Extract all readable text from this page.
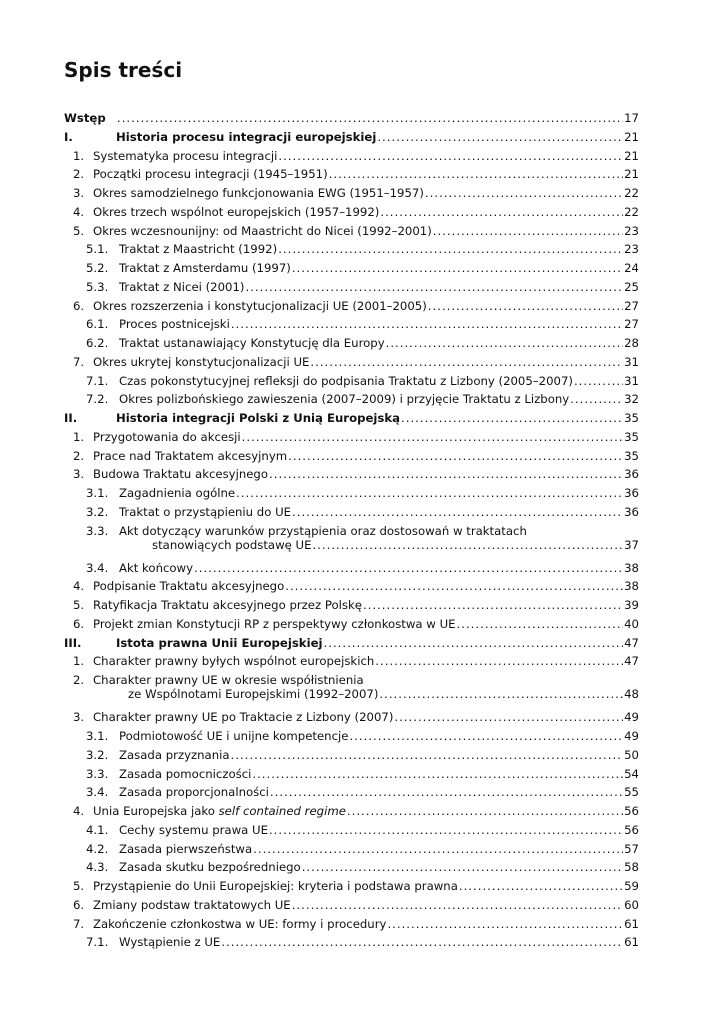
Spis treści
Wstęp .....	17
I.	Historia procesu integracji europejskiej .....	21
1. Systematyka procesu integracji .....	21
2. Początki procesu integracji (1945–1951) .....	21
3. Okres samodzielnego funkcjonowania EWG (1951–1957) .....	22
4. Okres trzech wspólnot europejskich (1957–1992) .....	22
5. Okres wczesnounijny: od Maastricht do Nicei (1992–2001) .....	23
5.1. Traktat z Maastricht (1992) .....	23
5.2. Traktat z Amsterdamu (1997) .....	24
5.3. Traktat z Nicei (2001) .....	25
6. Okres rozszerzenia i konstytucjonalizacji UE (2001–2005) .....	27
6.1. Proces postnicejski .....	27
6.2. Traktat ustanawiający Konstytucję dla Europy .....	28
7. Okres ukrytej konstytucjonalizacji UE .....	31
7.1. Czas pokonstytucyjnej refleksji do podpisania Traktatu z Lizbony (2005–2007) .....	31
7.2. Okres polizbońskiego zawieszenia (2007–2009) i przyjęcie Traktatu z Lizbony .....	32
II.	Historia integracji Polski z Unią Europejską .....	35
1. Przygotowania do akcesji .....	35
2. Prace nad Traktatem akcesyjnym .....	35
3. Budowa Traktatu akcesyjnego .....	36
3.1. Zagadnienia ogólne .....	36
3.2. Traktat o przystąpieniu do UE .....	36
3.3. Akt dotyczący warunków przystąpienia oraz dostosowań w traktatach
stanowiących podstawę UE .....	37
3.4. Akt końcowy .....	38
4. Podpisanie Traktatu akcesyjnego .....	38
5. Ratyfikacja Traktatu akcesyjnego przez Polskę .....	39
6. Projekt zmian Konstytucji RP z perspektywy członkostwa w UE .....	40
III.	Istota prawna Unii Europejskiej .....	47
1. Charakter prawny byłych wspólnot europejskich .....	47
2. Charakter prawny UE w okresie współistnienia
ze Wspólnotami Europejskimi (1992–2007) .....	48
3. Charakter prawny UE po Traktacie z Lizbony (2007) .....	49
3.1. Podmiotowość UE i unijne kompetencje .....	49
3.2. Zasada przyznania .....	50
3.3. Zasada pomocniczości .....	54
3.4. Zasada proporcjonalności .....	55
4. Unia Europejska jako self contained regime .....	56
4.1. Cechy systemu prawa UE .....	56
4.2. Zasada pierwszeństwa .....	57
4.3. Zasada skutku bezpośredniego .....	58
5. Przystąpienie do Unii Europejskiej: kryteria i podstawa prawna .....	59
6. Zmiany podstaw traktatowych UE .....	60
7. Zakończenie członkostwa w UE: formy i procedury .....	61
7.1. Wystąpienie z UE .....	61
